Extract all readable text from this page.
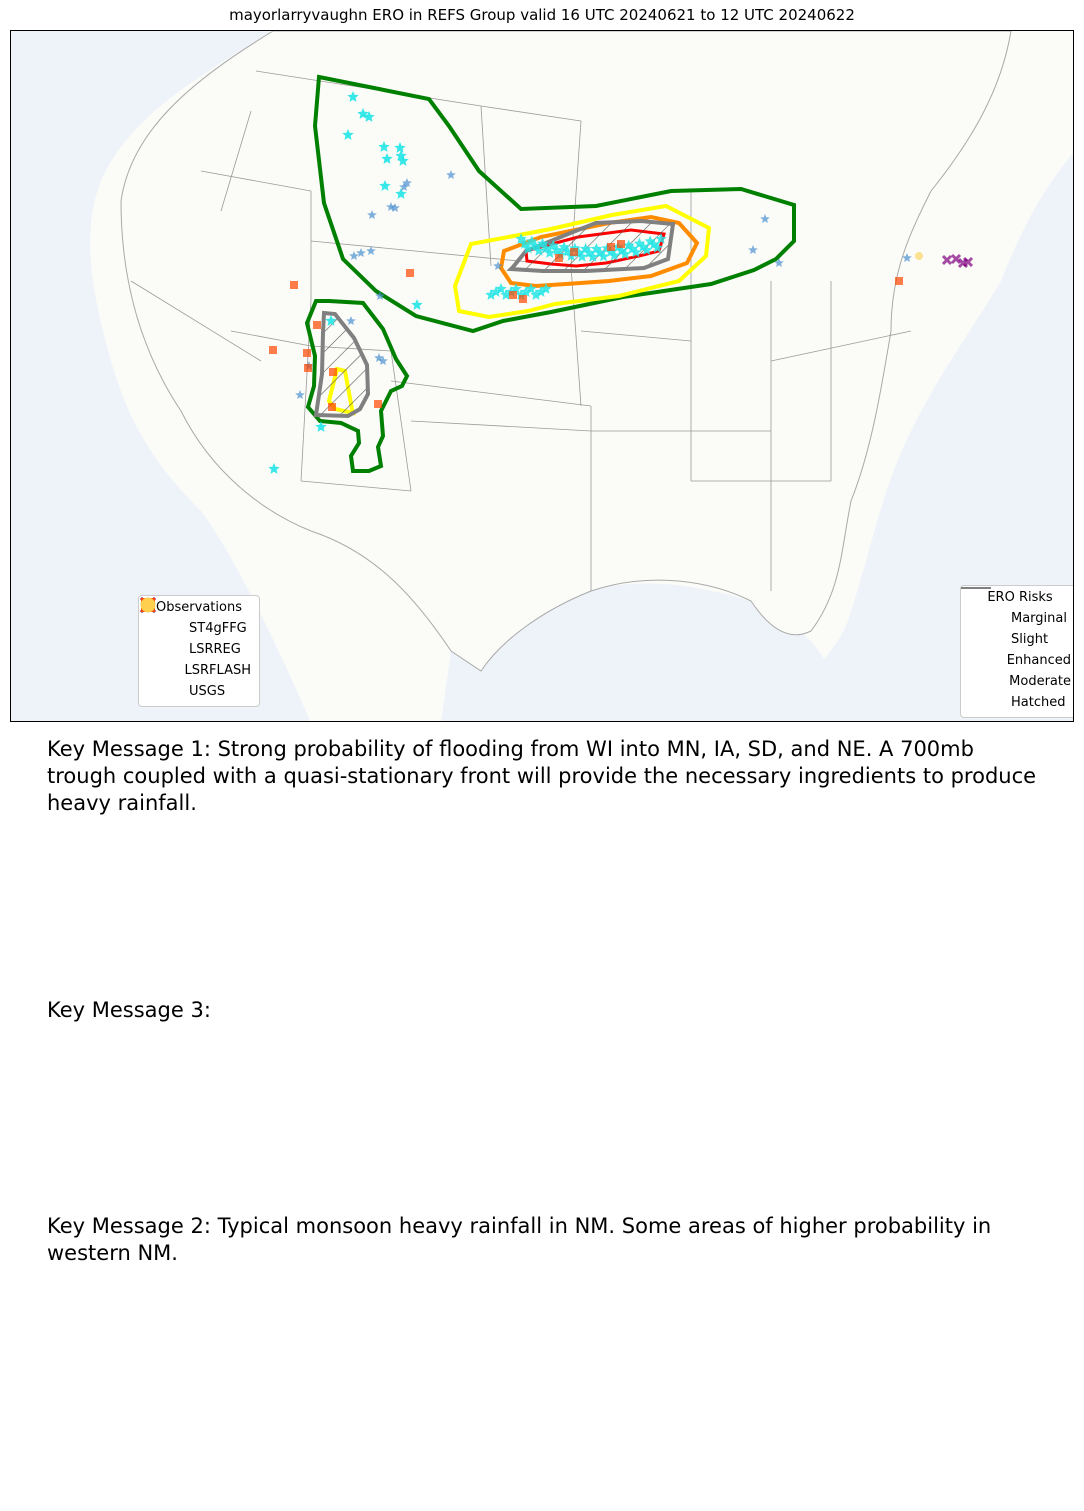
mayorlarryvaughn ERO in REFS Group valid 16 UTC 20240621 to 12 UTC 20240622
Observations
ST4gFFG
LSRREG
LSRFLASH
USGS
ERO Risks
Marginal
Slight
Enhanced
Moderate
Hatched
Key Message 1: Strong probability of flooding from WI into MN, IA, SD, and NE. A 700mb trough coupled with a quasi-stationary front will provide the necessary ingredients to produce heavy rainfall.
Key Message 3:
Key Message 2: Typical monsoon heavy rainfall in NM. Some areas of higher probability in western NM.
